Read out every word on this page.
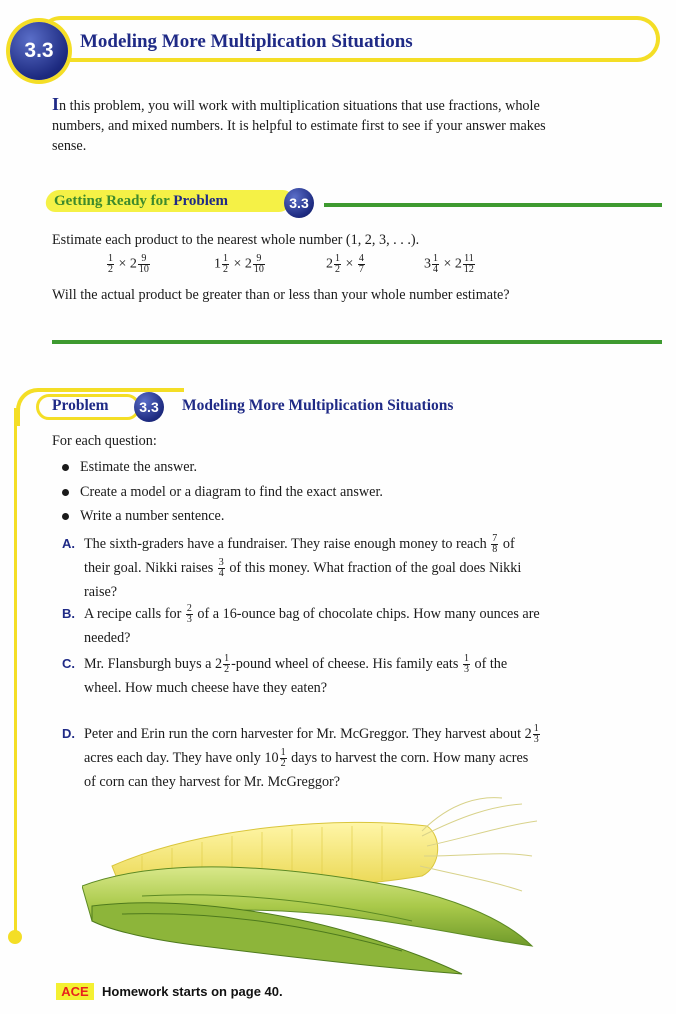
3.3	Modeling More Multiplication Situations
In this problem, you will work with multiplication situations that use fractions, whole numbers, and mixed numbers. It is helpful to estimate first to see if your answer makes sense.
Getting Ready for Problem	3.3
Estimate each product to the nearest whole number (1, 2, 3, . . .).
$\frac{1}{2} \times 2 \frac{9}{10}$	$1 \frac{1}{2} \times 2 \frac{9}{10}$	$2 \frac{1}{2} \times \frac{4}{7}$	$3 \frac{1}{4} \times 2 \frac{11}{12}$
Will the actual product be greater than or less than your whole number estimate?
Problem	3.3	Modeling More Multiplication Situations
For each question:
Estimate the answer.
Create a model or a diagram to find the exact answer.
Write a number sentence.
A. The sixth-graders have a fundraiser. They raise enough money to reach $\frac{7}{8}$ of their goal. Nikki raises $\frac{3}{4}$ of this money. What fraction of the goal does Nikki raise?
B. A recipe calls for $\frac{2}{3}$ of a 16-ounce bag of chocolate chips. How many ounces are needed?
C. Mr. Flansburgh buys a $2 \frac{1}{2}$ -pound wheel of cheese. His family eats $\frac{1}{3}$ of the wheel. How much cheese have they eaten?
D. Peter and Erin run the corn harvester for Mr. McGreggor. They harvest about $2 \frac{1}{3}$
acres each day. They have only $10 \frac{1}{2}$ days to harvest the corn. How many acres of corn can they harvest for Mr. McGreggor?
ACE	Homework starts on page 40.
